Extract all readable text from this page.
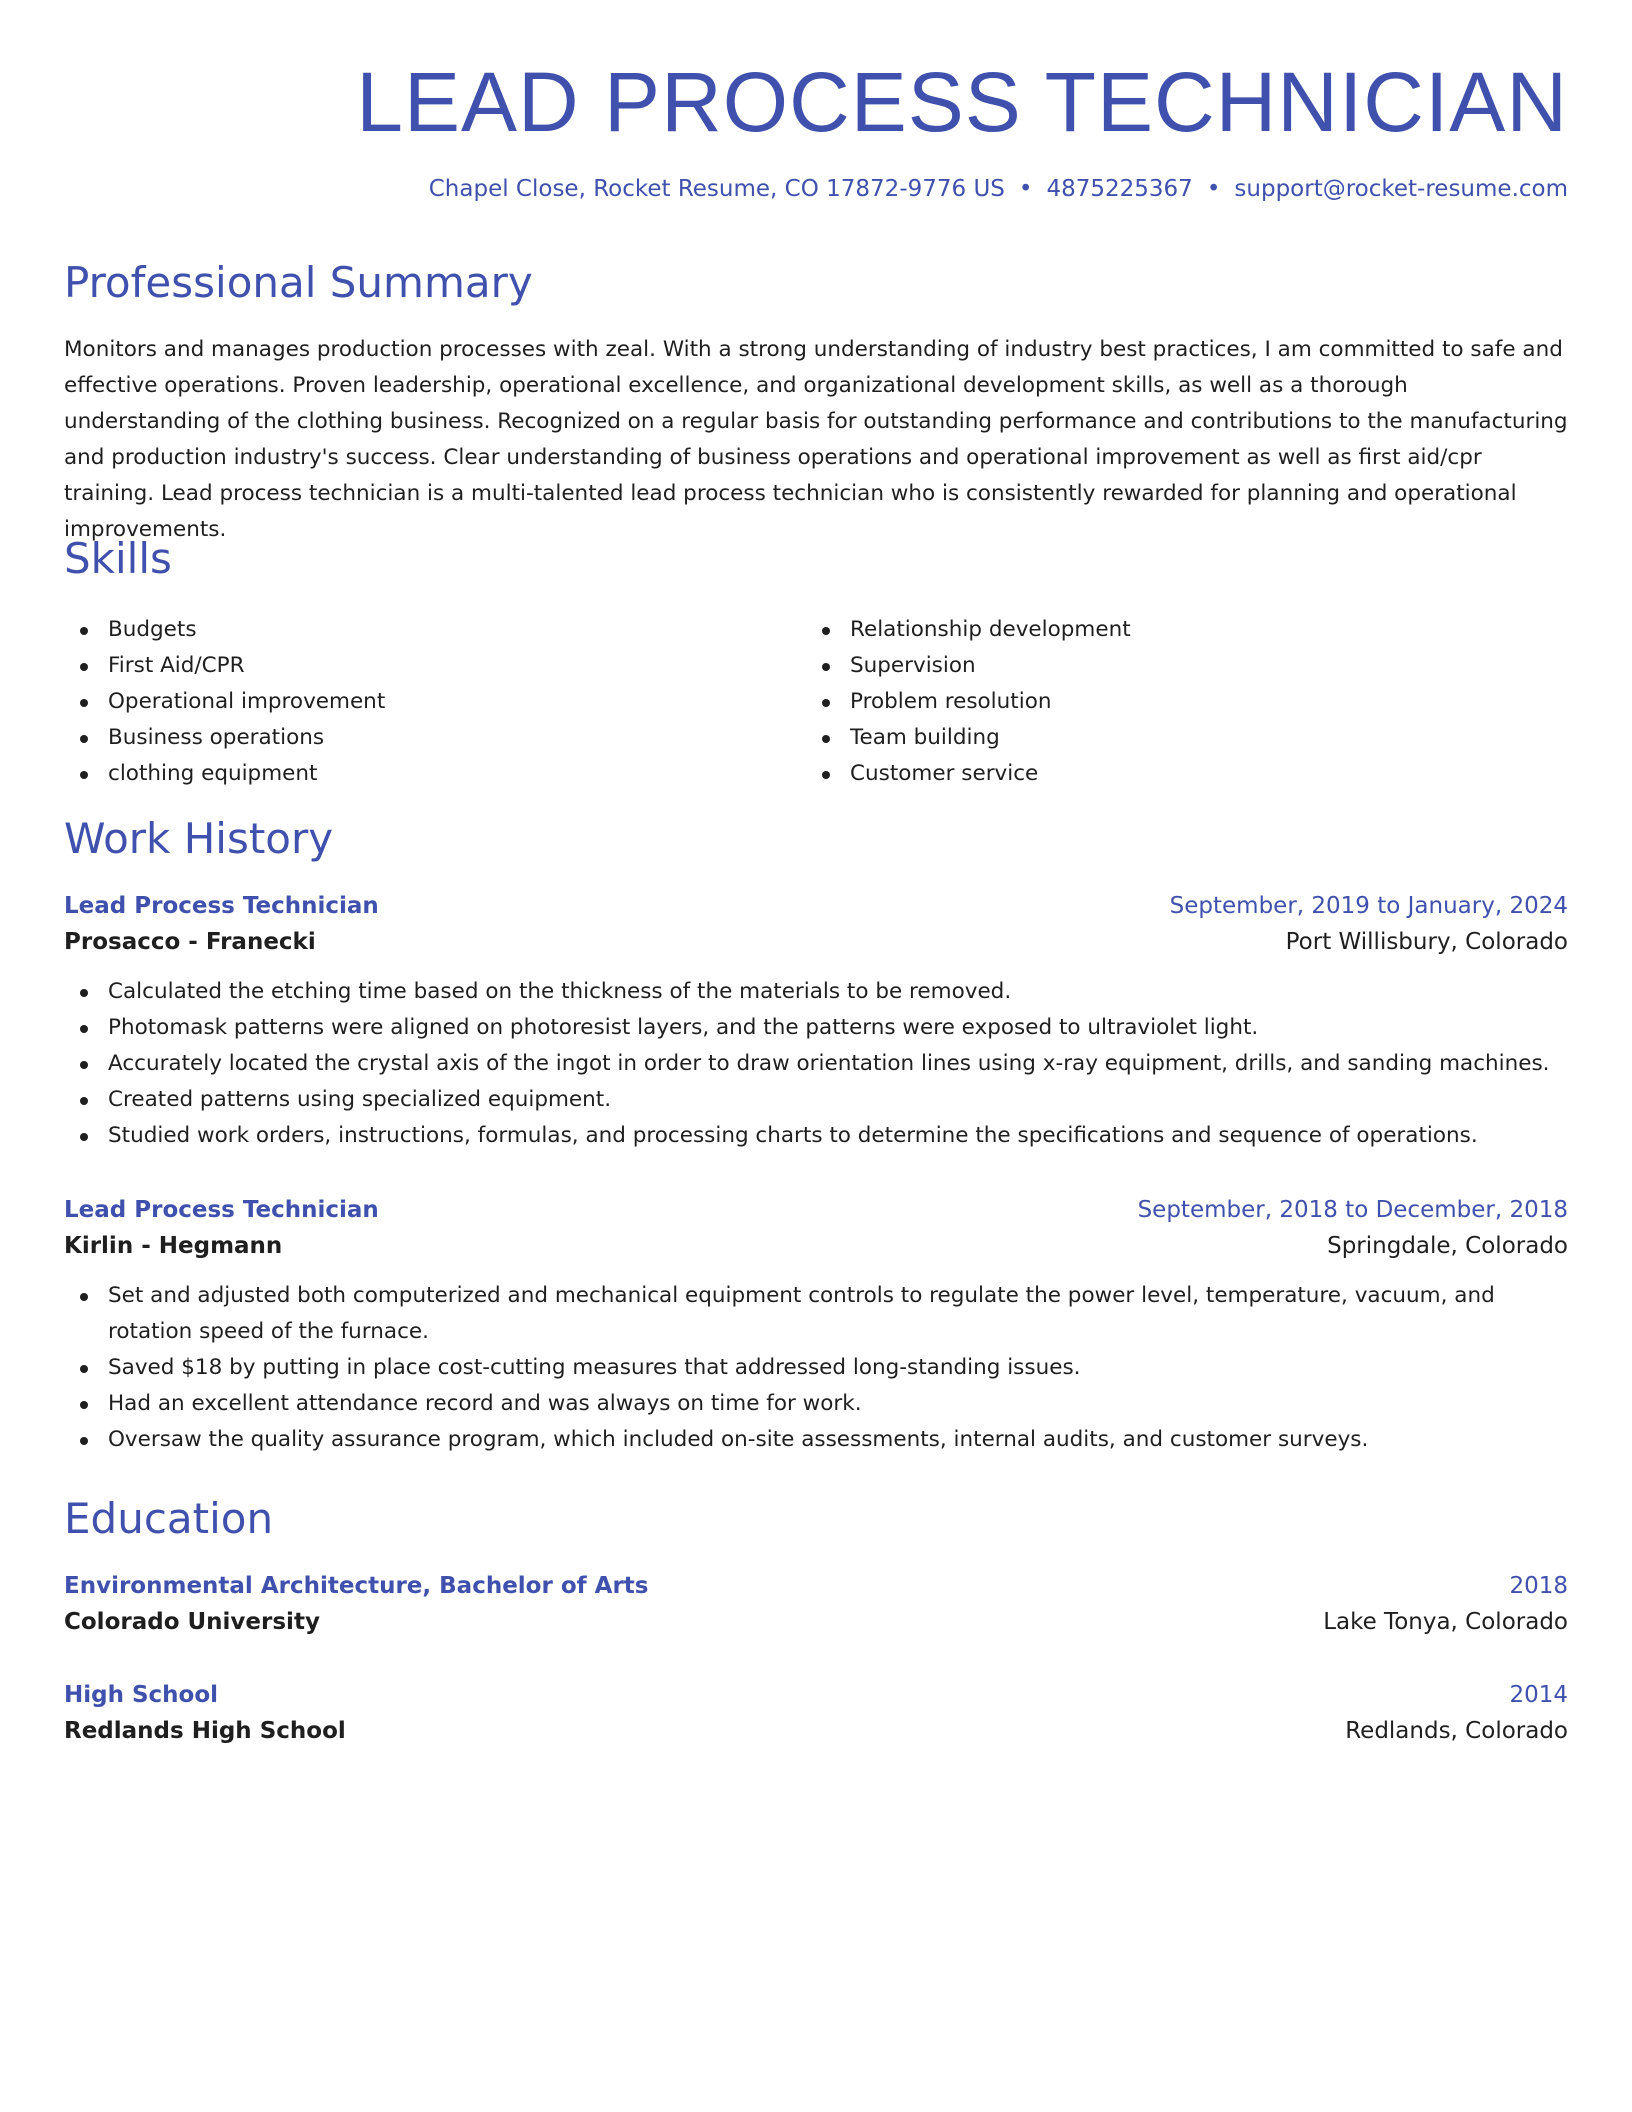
LEAD PROCESS TECHNICIAN
Chapel Close, Rocket Resume, CO 17872-9776 US • 4875225367 • support@rocket-resume.com
Professional Summary

Monitors and manages production processes with zeal. With a strong understanding of industry best practices, I am committed to safe and effective operations. Proven leadership, operational excellence, and organizational development skills, as well as a thorough understanding of the clothing business. Recognized on a regular basis for outstanding performance and contributions to the manufacturing and production industry's success. Clear understanding of business operations and operational improvement as well as first aid/cpr training. Lead process technician is a multi-talented lead process technician who is consistently rewarded for planning and operational improvements.

Skills
Budgets
First Aid/CPR
Operational improvement
Business operations
clothing equipment
Relationship development
Supervision
Problem resolution
Team building
Customer service
Work History
Lead Process Technician	September, 2019 to January, 2024
Prosacco - Franecki	Port Willisbury, Colorado
Calculated the etching time based on the thickness of the materials to be removed.
Photomask patterns were aligned on photoresist layers, and the patterns were exposed to ultraviolet light.
Accurately located the crystal axis of the ingot in order to draw orientation lines using x-ray equipment, drills, and sanding machines.
Created patterns using specialized equipment.
Studied work orders, instructions, formulas, and processing charts to determine the specifications and sequence of operations.
Lead Process Technician	September, 2018 to December, 2018
Kirlin - Hegmann	Springdale, Colorado
Set and adjusted both computerized and mechanical equipment controls to regulate the power level, temperature, vacuum, and rotation speed of the furnace.
Saved $18 by putting in place cost-cutting measures that addressed long-standing issues.
Had an excellent attendance record and was always on time for work.
Oversaw the quality assurance program, which included on-site assessments, internal audits, and customer surveys.
Education
Environmental Architecture, Bachelor of Arts	2018
Colorado University	Lake Tonya, Colorado
High School	2014
Redlands High School	Redlands, Colorado
